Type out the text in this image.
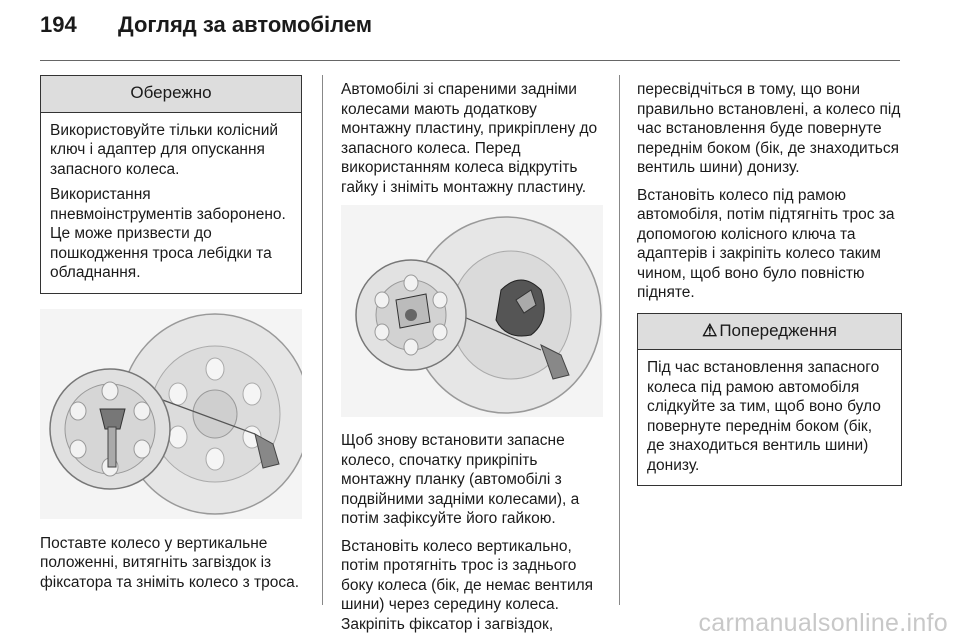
194 Догляд за автомобілем
Обережно

Використовуйте тільки колісний ключ і адаптер для опускання запасного колеса.

Використання пневмоінструментів заборонено. Це може призвести до пошкодження троса лебідки та обладнання.

Поставте колесо у вертикальне положенні, витягніть загвіздок із фіксатора та зніміть колесо з троса.

Автомобілі зі спареними задніми колесами мають додаткову монтажну пластину, прикріплену до запасного колеса. Перед використанням колеса відкрутіть гайку і зніміть монтажну пластину.

Щоб знову встановити запасне колесо, спочатку прикріпіть монтажну планку (автомобілі з подвійними задніми колесами), а потім зафіксуйте його гайкою.

Встановіть колесо вертикально, потім протягніть трос із заднього боку колеса (бік, де немає вентиля шини) через середину колеса. Закріпіть фіксатор і загвіздок,

пересвідчіться в тому, що вони правильно встановлені, а колесо під час встановлення буде повернуте переднім боком (бік, де знаходиться вентиль шини) донизу.

Встановіть колесо під рамою автомобіля, потім підтягніть трос за допомогою колісного ключа та адаптерів і закріпіть колесо таким чином, щоб воно було повністю підняте.

⚠ Попередження

Під час встановлення запасного колеса під рамою автомобіля слідкуйте за тим, щоб воно було повернуте переднім боком (бік, де знаходиться вентиль шини) донизу.

carmanualsonline.info
